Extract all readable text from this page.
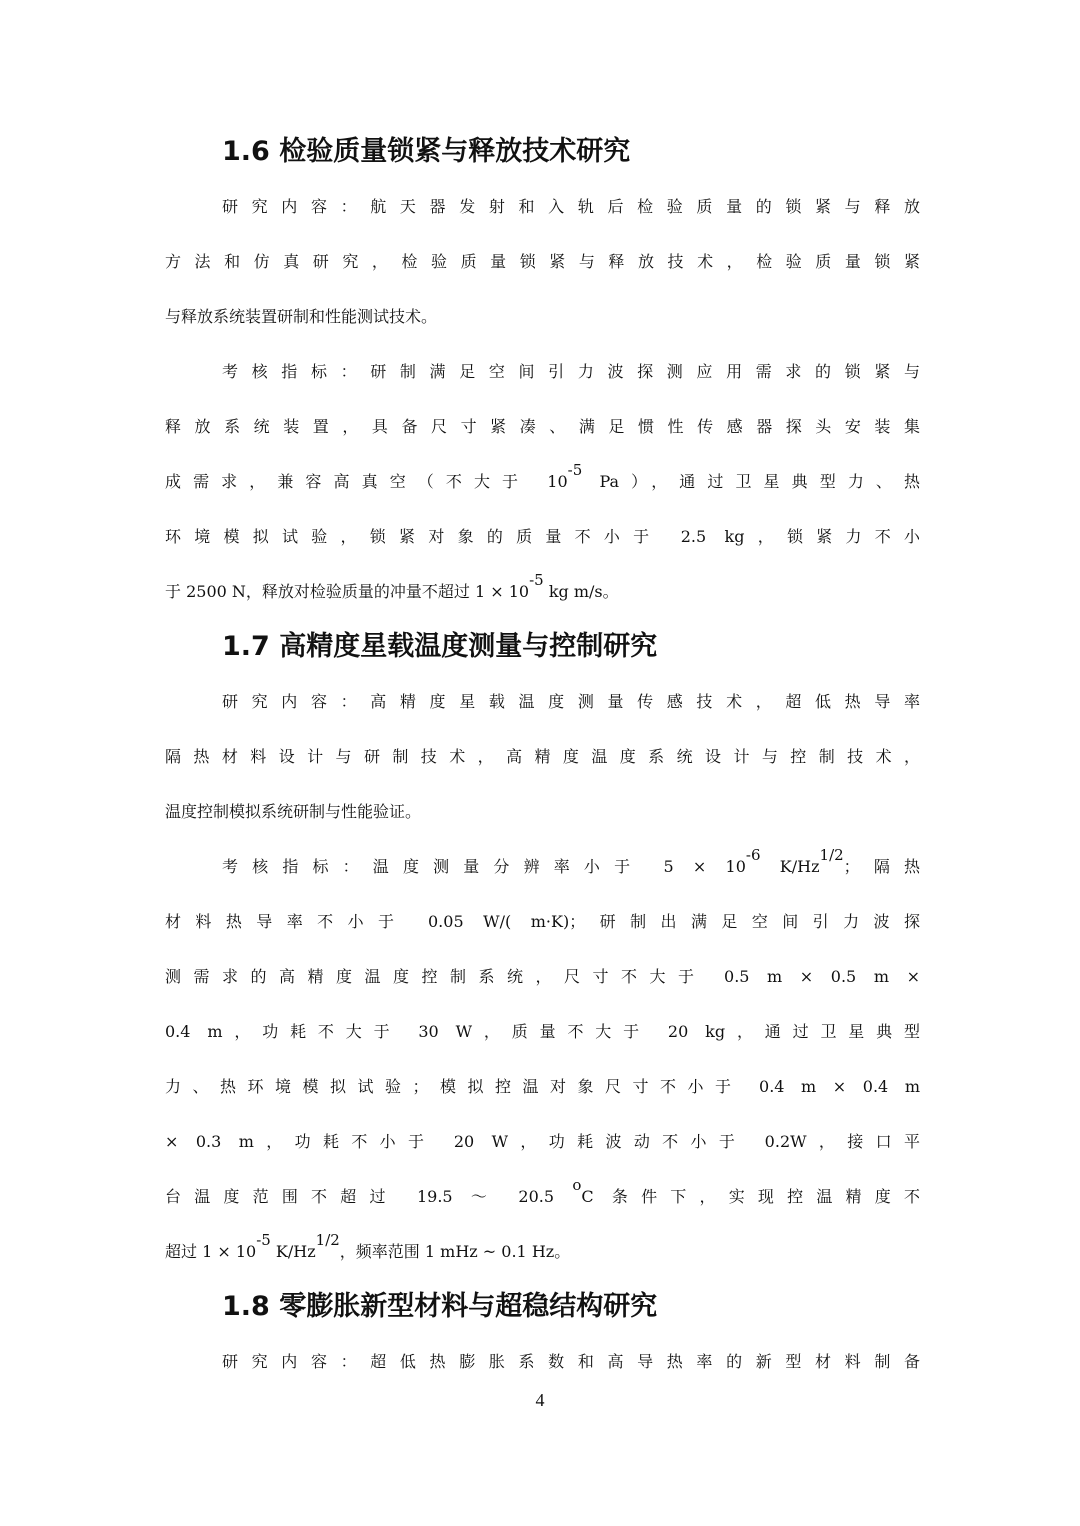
1.6 检验质量锁紧与释放技术研究
研究内容：航天器发射和入轨后检验质量的锁紧与释放
方法和仿真研究，检验质量锁紧与释放技术，检验质量锁紧
与释放系统装置研制和性能测试技术。
考核指标：研制满足空间引力波探测应用需求的锁紧与
释放系统装置，具备尺寸紧凑、满足惯性传感器探头安装集
成需求，兼容高真空（不大于 $10^{-5}$ Pa），通过卫星典型力、热
环境模拟试验，锁紧对象的质量不小于 2.5 kg，锁紧力不小
于 2500 N，释放对检验质量的冲量不超过 $1 \times 10^{-5}$ kg m/s。
1.7 高精度星载温度测量与控制研究
研究内容：高精度星载温度测量传感技术，超低热导率
隔热材料设计与研制技术，高精度温度系统设计与控制技术，
温度控制模拟系统研制与性能验证。
考核指标：温度测量分辨率小于 $5 \times 10^{-6}$ $K/Hz^{1/2}$；隔热
材料热导率不小于 0.05 W/( m·K)；研制出满足空间引力波探
测需求的高精度温度控制系统，尺寸不大于 0.5 m × 0.5 m ×
0.4 m，功耗不大于 30 W，质量不大于 20 kg，通过卫星典型
力、热环境模拟试验；模拟控温对象尺寸不小于 0.4 m × 0.4 m
× 0.3 m，功耗不小于 20 W，功耗波动不小于 0.2W，接口平
台温度范围不超过 19.5 ～ 20.5 $^o$C 条件下，实现控温精度不
超过 $1 \times 10^{-5}$ $K/Hz^{1/2}$，频率范围 1 mHz ~ 0.1 Hz。
1.8 零膨胀新型材料与超稳结构研究
研究内容：超低热膨胀系数和高导热率的新型材料制备
4
